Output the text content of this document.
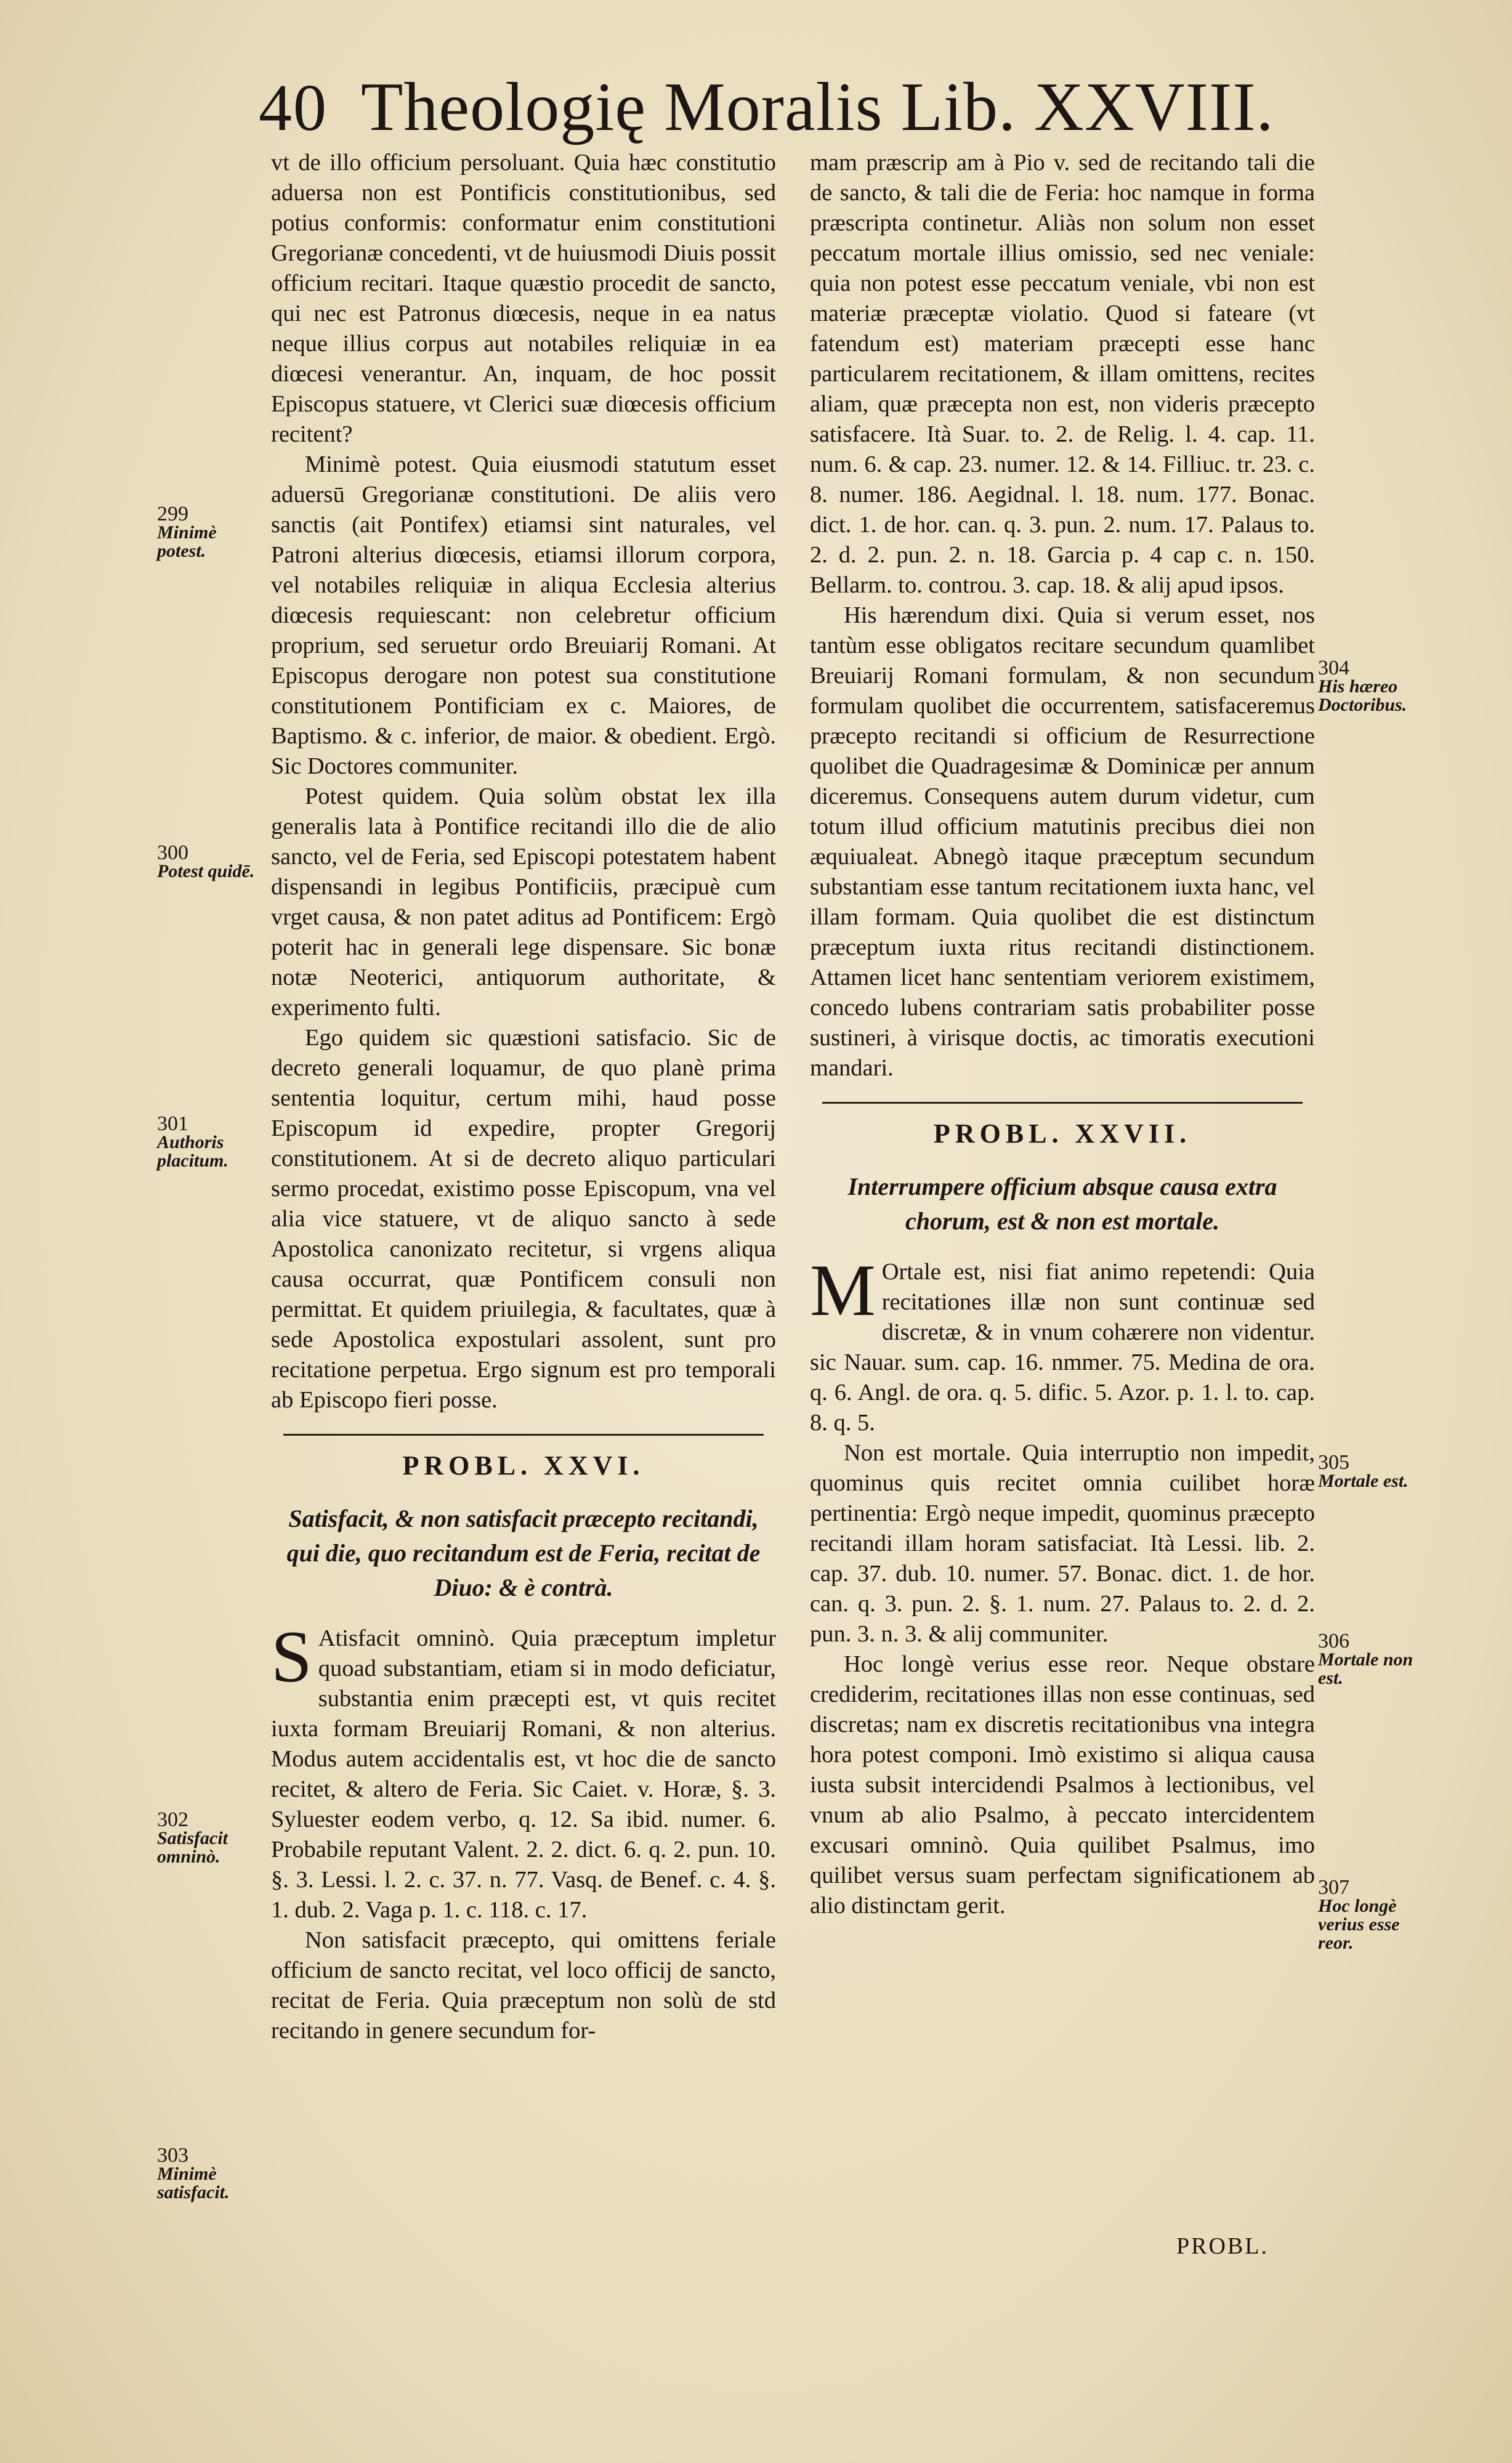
40 Theologię Moralis Lib. XXVIII.

vt de illo officium persoluant. Quia hæc constitutio aduersa non est Pontificis constitutionibus, sed potius conformis: conformatur enim constitutioni Gregorianæ concedenti, vt de huiusmodi Diuis possit officium recitari. Itaque quæstio procedit de sancto, qui nec est Patronus diœcesis, neque in ea natus neque illius corpus aut notabiles reliquiæ in ea diœcesi venerantur. An, inquam, de hoc possit Episcopus statuere, vt Clerici suæ diœcesis officium recitent?

Minimè potest. Quia eiusmodi statutum esset aduersū Gregorianæ constitutioni. De aliis vero sanctis (ait Pontifex) etiamsi sint naturales, vel Patroni alterius diœcesis, etiamsi illorum corpora, vel notabiles reliquiæ in aliqua Ecclesia alterius diœcesis requiescant: non celebretur officium proprium, sed seruetur ordo Breuiarij Romani. At Episcopus derogare non potest sua constitutione constitutionem Pontificiam ex c. Maiores, de Baptismo. & c. inferior, de maior. & obedient. Ergò. Sic Doctores communiter.

Potest quidem. Quia solùm obstat lex illa generalis lata à Pontifice recitandi illo die de alio sancto, vel de Feria, sed Episcopi potestatem habent dispensandi in legibus Pontificiis, præcipuè cum vrget causa, & non patet aditus ad Pontificem: Ergò poterit hac in generali lege dispensare. Sic bonæ notæ Neoterici, antiquorum authoritate, & experimento fulti.

Ego quidem sic quæstioni satisfacio. Sic de decreto generali loquamur, de quo planè prima sententia loquitur, certum mihi, haud posse Episcopum id expedire, propter Gregorij constitutionem. At si de decreto aliquo particulari sermo procedat, existimo posse Episcopum, vna vel alia vice statuere, vt de aliquo sancto à sede Apostolica canonizato recitetur, si vrgens aliqua causa occurrat, quæ Pontificem consuli non permittat. Et quidem priuilegia, & facultates, quæ à sede Apostolica expostulari assolent, sunt pro recitatione perpetua. Ergo signum est pro temporali ab Episcopo fieri posse.

PROBL. XXVI.
Satisfacit, & non satisfacit præcepto recitandi, qui die, quo recitandum est de Feria, recitat de Diuo: & è contrà.

S Atisfacit omninò. Quia præceptum impletur quoad substantiam, etiam si in modo deficiatur, substantia enim præcepti est, vt quis recitet iuxta formam Breuiarij Romani, & non alterius. Modus autem accidentalis est, vt hoc die de sancto recitet, & altero de Feria. Sic Caiet. v. Horæ, §. 3. Syluester eodem verbo, q. 12. Sa ibid. numer. 6. Probabile reputant Valent. 2. 2. dict. 6. q. 2. pun. 10. §. 3. Lessi. l. 2. c. 37. n. 77. Vasq. de Benef. c. 4. §. 1. dub. 2. Vaga p. 1. c. 118. c. 17.

Non satisfacit præcepto, qui omittens feriale officium de sancto recitat, vel loco officij de sancto, recitat de Feria. Quia præceptum non solù de std recitando in genere secundum for-

mam præscrip am à Pio v. sed de recitando tali die de sancto, & tali die de Feria: hoc namque in forma præscripta continetur. Aliàs non solum non esset peccatum mortale illius omissio, sed nec veniale: quia non potest esse peccatum veniale, vbi non est materiæ præceptæ violatio. Quod si fateare (vt fatendum est) materiam præcepti esse hanc particularem recitationem, & illam omittens, recites aliam, quæ præcepta non est, non videris præcepto satisfacere. Ità Suar. to. 2. de Relig. l. 4. cap. 11. num. 6. & cap. 23. numer. 12. & 14. Filliuc. tr. 23. c. 8. numer. 186. Aegidnal. l. 18. num. 177. Bonac. dict. 1. de hor. can. q. 3. pun. 2. num. 17. Palaus to. 2. d. 2. pun. 2. n. 18. Garcia p. 4 cap c. n. 150. Bellarm. to. controu. 3. cap. 18. & alij apud ipsos.

His hærendum dixi. Quia si verum esset, nos tantùm esse obligatos recitare secundum quamlibet Breuiarij Romani formulam, & non secundum formulam quolibet die occurrentem, satisfaceremus præcepto recitandi si officium de Resurrectione quolibet die Quadragesimæ & Dominicæ per annum diceremus. Consequens autem durum videtur, cum totum illud officium matutinis precibus diei non æquiualeat. Abnegò itaque præceptum secundum substantiam esse tantum recitationem iuxta hanc, vel illam formam. Quia quolibet die est distinctum præceptum iuxta ritus recitandi distinctionem. Attamen licet hanc sententiam veriorem existimem, concedo lubens contrariam satis probabiliter posse sustineri, à virisque doctis, ac timoratis executioni mandari.

PROBL. XXVII.
Interrumpere officium absque causa extra chorum, est & non est mortale.

M Ortale est, nisi fiat animo repetendi: Quia recitationes illæ non sunt continuæ sed discretæ, & in vnum cohærere non videntur. sic Nauar. sum. cap. 16. nmmer. 75. Medina de ora. q. 6. Angl. de ora. q. 5. dific. 5. Azor. p. 1. l. to. cap. 8. q. 5.

Non est mortale. Quia interruptio non impedit, quominus quis recitet omnia cuilibet horæ pertinentia: Ergò neque impedit, quominus præcepto recitandi illam horam satisfaciat. Ità Lessi. lib. 2. cap. 37. dub. 10. numer. 57. Bonac. dict. 1. de hor. can. q. 3. pun. 2. §. 1. num. 27. Palaus to. 2. d. 2. pun. 3. n. 3. & alij communiter.

Hoc longè verius esse reor. Neque obstare crediderim, recitationes illas non esse continuas, sed discretas; nam ex discretis recitationibus vna integra hora potest componi. Imò existimo si aliqua causa iusta subsit intercidendi Psalmos à lectionibus, vel vnum ab alio Psalmo, à peccato intercidentem excusari omninò. Quia quilibet Psalmus, imo quilibet versus suam perfectam significationem ab alio distinctam gerit.

299
Minimè potest.
300
Potest quidē.
301
Authoris placitum.
302
Satisfacit omninò.
303
Minimè satisfacit.
304
His hæreo Doctoribus.
305
Mortale est.
306
Mortale non est.
307
Hoc longè verius esse reor.
PROBL.
